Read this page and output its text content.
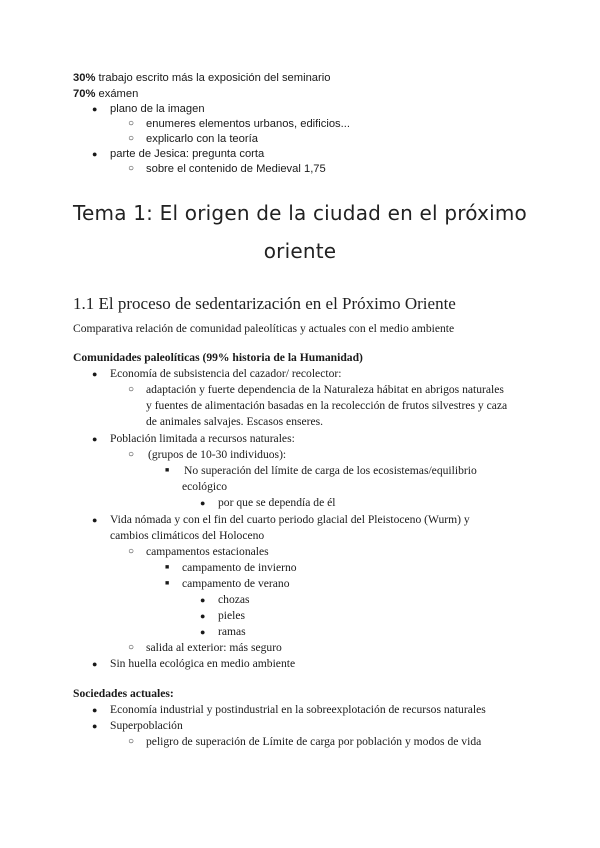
30% trabajo escrito más la exposición del seminario
70% exámen
● plano de la imagen
○ enumeres elementos urbanos, edificios...
○ explicarlo con la teoría
● parte de Jesica: pregunta corta
○ sobre el contenido de Medieval 1,75
Tema 1: El origen de la ciudad en el próximo
oriente
1.1 El proceso de sedentarización en el Próximo Oriente
Comparativa relación de comunidad paleolíticas y actuales con el medio ambiente
Comunidades paleolíticas (99% historia de la Humanidad)
● Economía de subsistencia del cazador/ recolector:
○ adaptación y fuerte dependencia de la Naturaleza hábitat en abrigos naturales
y fuentes de alimentación basadas en la recolección de frutos silvestres y caza
de animales salvajes. Escasos enseres.
● Población limitada a recursos naturales:
○ (grupos de 10-30 individuos):
■ No superación del límite de carga de los ecosistemas/equilibrio
ecológico
● por que se dependía de él
● Vida nómada y con el fin del cuarto periodo glacial del Pleistoceno (Wurm) y
cambios climáticos del Holoceno
○ campamentos estacionales
■ campamento de invierno
■ campamento de verano
● chozas
● pieles
● ramas
○ salida al exterior: más seguro
● Sin huella ecológica en medio ambiente
Sociedades actuales:
● Economía industrial y postindustrial en la sobreexplotación de recursos naturales
● Superpoblación
○ peligro de superación de Límite de carga por población y modos de vida
